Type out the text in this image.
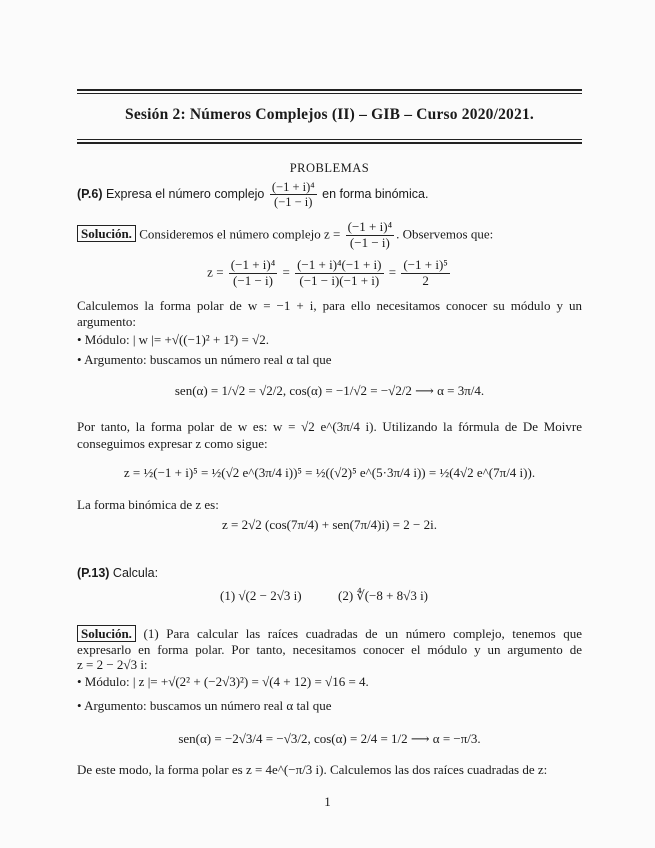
Sesión 2: Números Complejos (II) – GIB – Curso 2020/2021.
PROBLEMAS
(P.6) Expresa el número complejo $\frac{\text{(−1 + i)⁴}}{(-1 - i)}$ en forma binómica.
Solución. Consideremos el número complejo $z = \frac{\text{(−1 + i)⁴}}{(-1 - i)}$ . Observemos que:
$z = \frac{\text{(−1 + i)⁴}}{(-1 - i)} = \frac{\text{(−1 + i)⁴(−1 + i)}}{(-1 - i)(-1 + i)} = \frac{\text{(−1 + i)⁵}}{2}$
Calculemos la forma polar de w = −1 + i, para ello necesitamos conocer su módulo y un
argumento:
• Módulo: | w |= +√((−1)² + 1²) = √2.
• Argumento: buscamos un número real α tal que
sen(α) = 1/√2 = √2/2, cos(α) = −1/√2 = −√2/2 ⟶ α = 3π/4.
Por tanto, la forma polar de w es: w = √2 e^(3π/4 i). Utilizando la fórmula de De Moivre
conseguimos expresar z como sigue:
z = ½(−1 + i)⁵ = ½(√2 e^(3π/4 i))⁵ = ½((√2)⁵ e^(5·3π/4 i)) = ½(4√2 e^(7π/4 i)).
La forma binómica de z es:
z = 2√2 (cos(7π/4) + sen(7π/4)i) = 2 − 2i.
(P.13) Calcula:
(1) √(2 − 2√3 i)	(2) ∜(−8 + 8√3 i)
Solución. (1) Para calcular las raíces cuadradas de un número complejo, tenemos que
expresarlo en forma polar. Por tanto, necesitamos conocer el módulo y un argumento de
z = 2 − 2√3 i:
• Módulo: | z |= +√(2² + (−2√3)²) = √(4 + 12) = √16 = 4.
• Argumento: buscamos un número real α tal que
sen(α) = −2√3/4 = −√3/2, cos(α) = 2/4 = 1/2 ⟶ α = −π/3.
De este modo, la forma polar es z = 4e^(−π/3 i). Calculemos las dos raíces cuadradas de z:
1
